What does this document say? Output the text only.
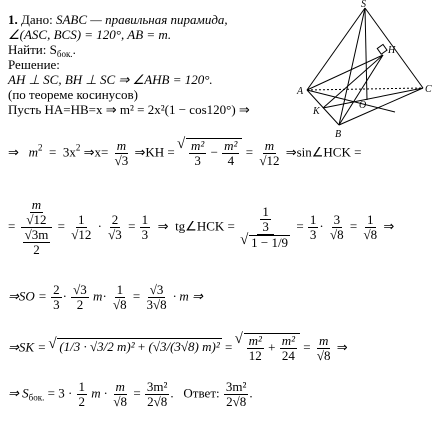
1. Дано: SABC — правильная пирамида,
∠(ASC, BCS) = 120°, AB = m.
Найти: $S_{бок.}$.
Решение:
AH ⊥ SC, BH ⊥ SC ⇒ ∠AHB = 120°.
(по теореме косинусов)
Пусть HA=HB=x ⇒ m² = 2x²(1 − cos120°) ⇒
S
H
A	C
K
O
B
⇒ $m^2 = 3x^2$ ⇒x= $\frac{m}{√3}$ ⇒KH = √ $\frac{\text{m²}}{3} - \frac{\text{m²}}{4} = \frac{m}{√12}$ ⇒sin∠HCK =
= $\frac{\frac{m}{√12}}{\frac{√3m}{2}} = \frac{1}{√12} \cdot \frac{2}{√3} = \frac{1}{3}$ ⇒ tg∠HCK = $\frac{1}{3}$
√ $1 - 1/9 = \frac{1}{3} \cdot \frac{3}{√8} = \frac{1}{√8}$ ⇒
⇒SO = $\frac{2}{3} \cdot \frac{√3}{2} m\cdot \frac{1}{√8} = \frac{√3}{3√8} \cdot m$ ⇒
⇒SK = √ (1/3 · √3/2 m)² + (√3/(3√8) m)² = √ $\frac{\text{m²}}{12} + \frac{\text{m²}}{24} = \frac{m}{√8}$ ⇒
⇒ $S_{бок.} = 3 \cdot \frac{1}{2}$ $m \cdot \frac{m}{√8} = \frac{\text{3m²}}{2√8}$ . Ответ: $\frac{\text{3m²}}{2√8}$ .
